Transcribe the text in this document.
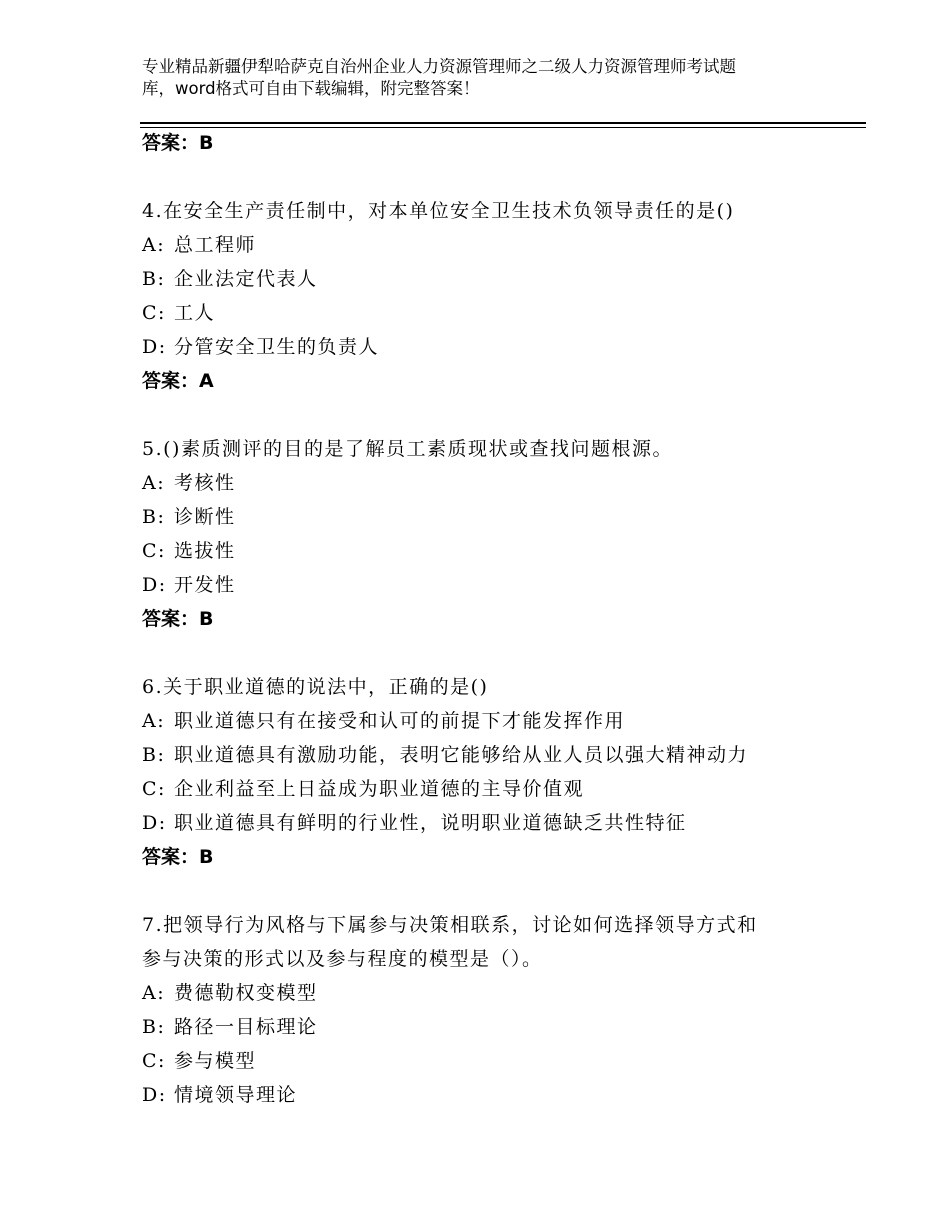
专业精品新疆伊犁哈萨克自治州企业人力资源管理师之二级人力资源管理师考试题
库，word格式可自由下载编辑，附完整答案！
答案：B
4.在安全生产责任制中，对本单位安全卫生技术负领导责任的是()
A: 总工程师
B: 企业法定代表人
C: 工人
D: 分管安全卫生的负责人
答案：A
5.()素质测评的目的是了解员工素质现状或查找问题根源。
A: 考核性
B: 诊断性
C: 选拔性
D: 开发性
答案：B
6.关于职业道德的说法中，正确的是()
A: 职业道德只有在接受和认可的前提下才能发挥作用
B: 职业道德具有激励功能，表明它能够给从业人员以强大精神动力
C: 企业利益至上日益成为职业道德的主导价值观
D: 职业道德具有鲜明的行业性，说明职业道德缺乏共性特征
答案：B
7.把领导行为风格与下属参与决策相联系，讨论如何选择领导方式和
参与决策的形式以及参与程度的模型是（）。
A: 费德勒权变模型
B: 路径一目标理论
C: 参与模型
D: 情境领导理论
